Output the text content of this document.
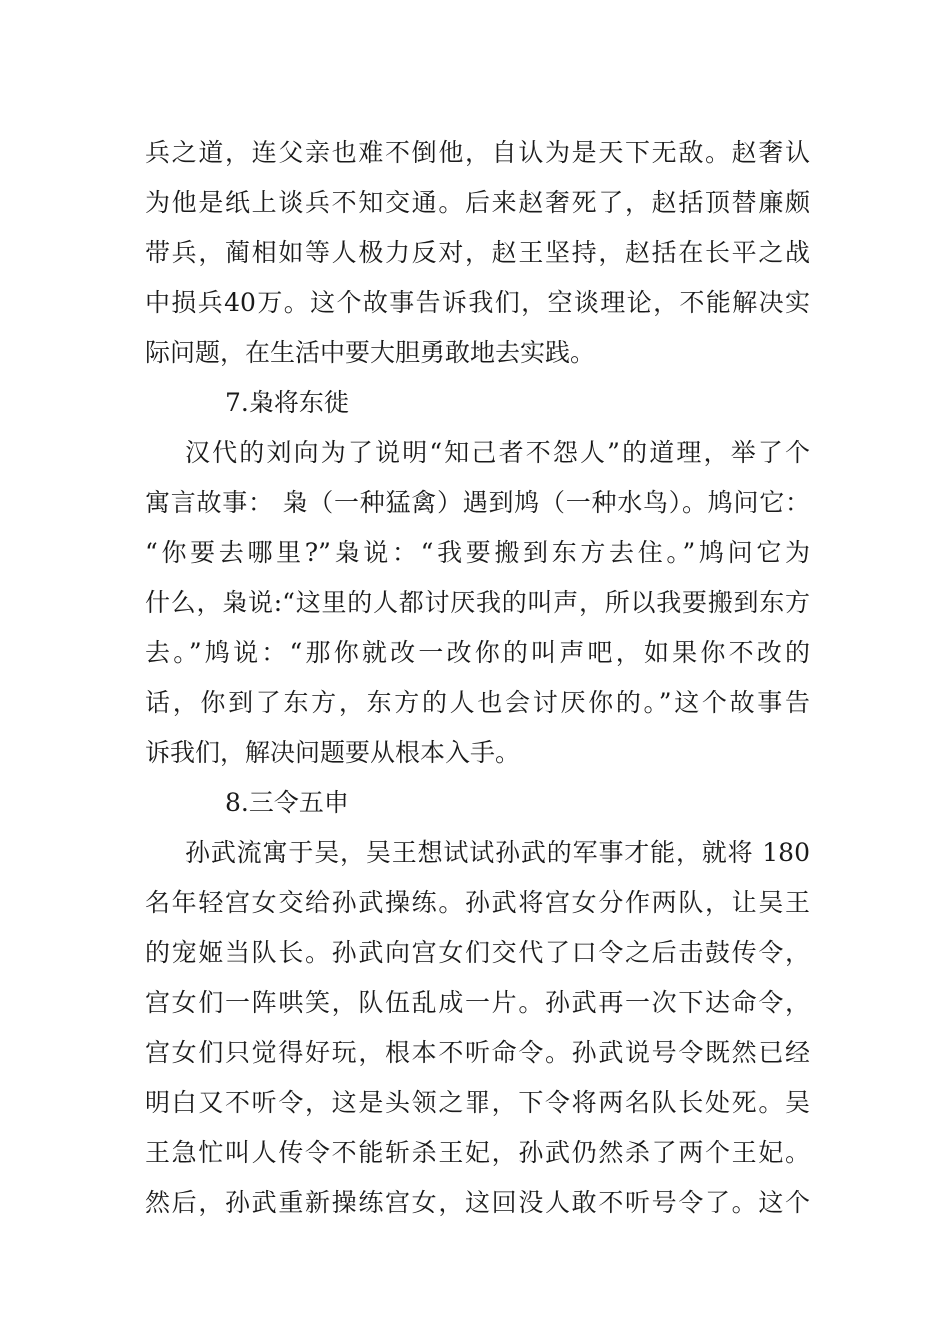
兵之道，连父亲也难不倒他，自认为是天下无敌。赵奢认
为他是纸上谈兵不知交通。后来赵奢死了，赵括顶替廉颇
带兵，蔺相如等人极力反对，赵王坚持，赵括在长平之战
中损兵40万。这个故事告诉我们，空谈理论，不能解决实
际问题，在生活中要大胆勇敢地去实践。
7.枭将东徙
汉代的刘向为了说明“知己者不怨人”的道理，举了个
寓言故事： 枭（一种猛禽）遇到鸠（一种水鸟）。鸠问它：
“你要去哪里?”枭说：“我要搬到东方去住。”鸠问它为
什么，枭说:“这里的人都讨厌我的叫声，所以我要搬到东方
去。”鸠说：“那你就改一改你的叫声吧，如果你不改的
话，你到了东方，东方的人也会讨厌你的。”这个故事告
诉我们，解决问题要从根本入手。
8.三令五申
孙武流寓于吴，吴王想试试孙武的军事才能，就将 180
名年轻宫女交给孙武操练。孙武将宫女分作两队，让吴王
的宠姬当队长。孙武向宫女们交代了口令之后击鼓传令，
宫女们一阵哄笑，队伍乱成一片。孙武再一次下达命令，
宫女们只觉得好玩，根本不听命令。孙武说号令既然已经
明白又不听令，这是头领之罪，下令将两名队长处死。吴
王急忙叫人传令不能斩杀王妃，孙武仍然杀了两个王妃。
然后，孙武重新操练宫女，这回没人敢不听号令了。这个
